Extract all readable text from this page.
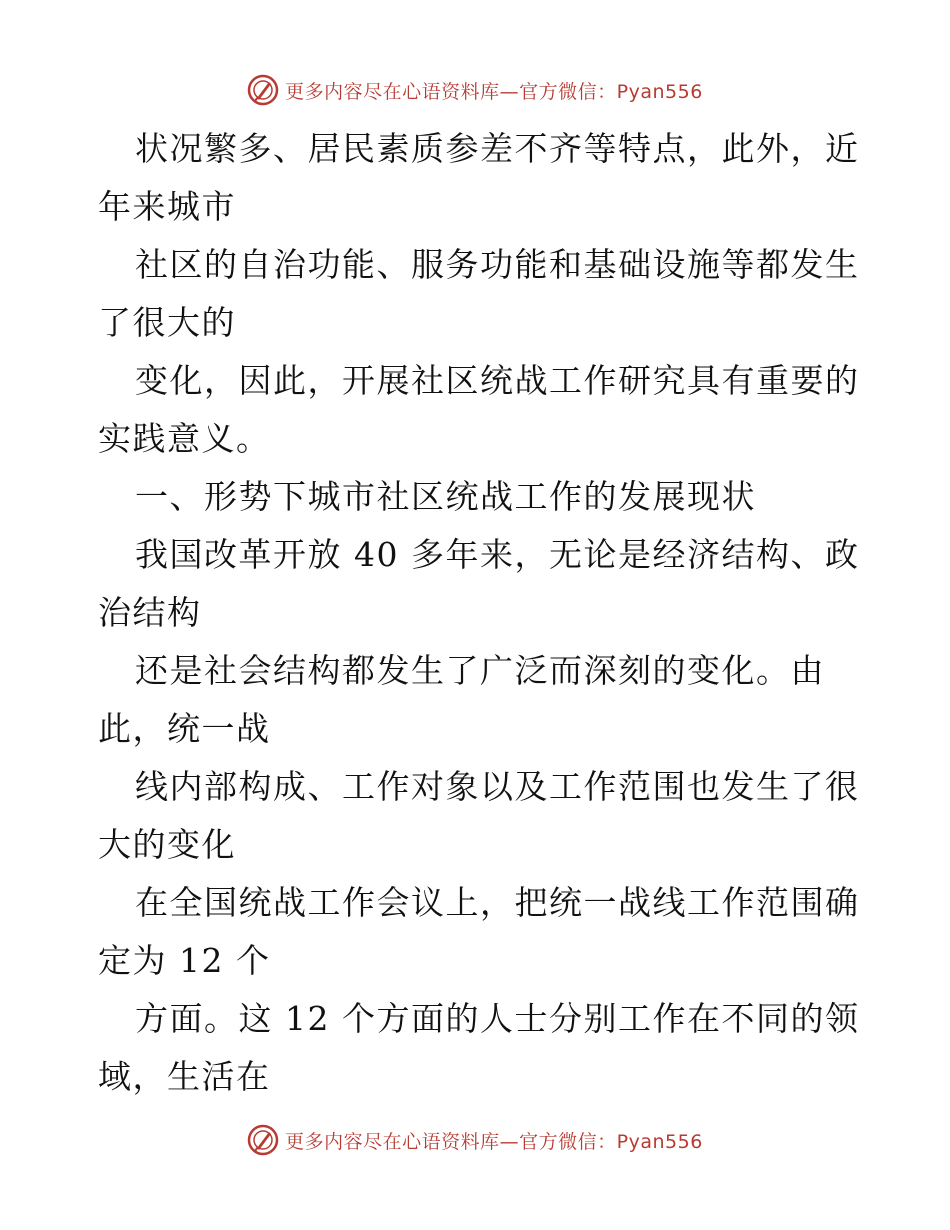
更多内容尽在心语资料库—官方微信：Pyan556
状况繁多、居民素质参差不齐等特点，此外，近
年来城市
社区的自治功能、服务功能和基础设施等都发生
了很大的
变化，因此，开展社区统战工作研究具有重要的
实践意义。
一、形势下城市社区统战工作的发展现状
我国改革开放 40 多年来，无论是经济结构、政
治结构
还是社会结构都发生了广泛而深刻的变化。由
此，统一战
线内部构成、工作对象以及工作范围也发生了很
大的变化
在全国统战工作会议上，把统一战线工作范围确
定为 12 个
方面。这 12 个方面的人士分别工作在不同的领
域，生活在
更多内容尽在心语资料库—官方微信：Pyan556
